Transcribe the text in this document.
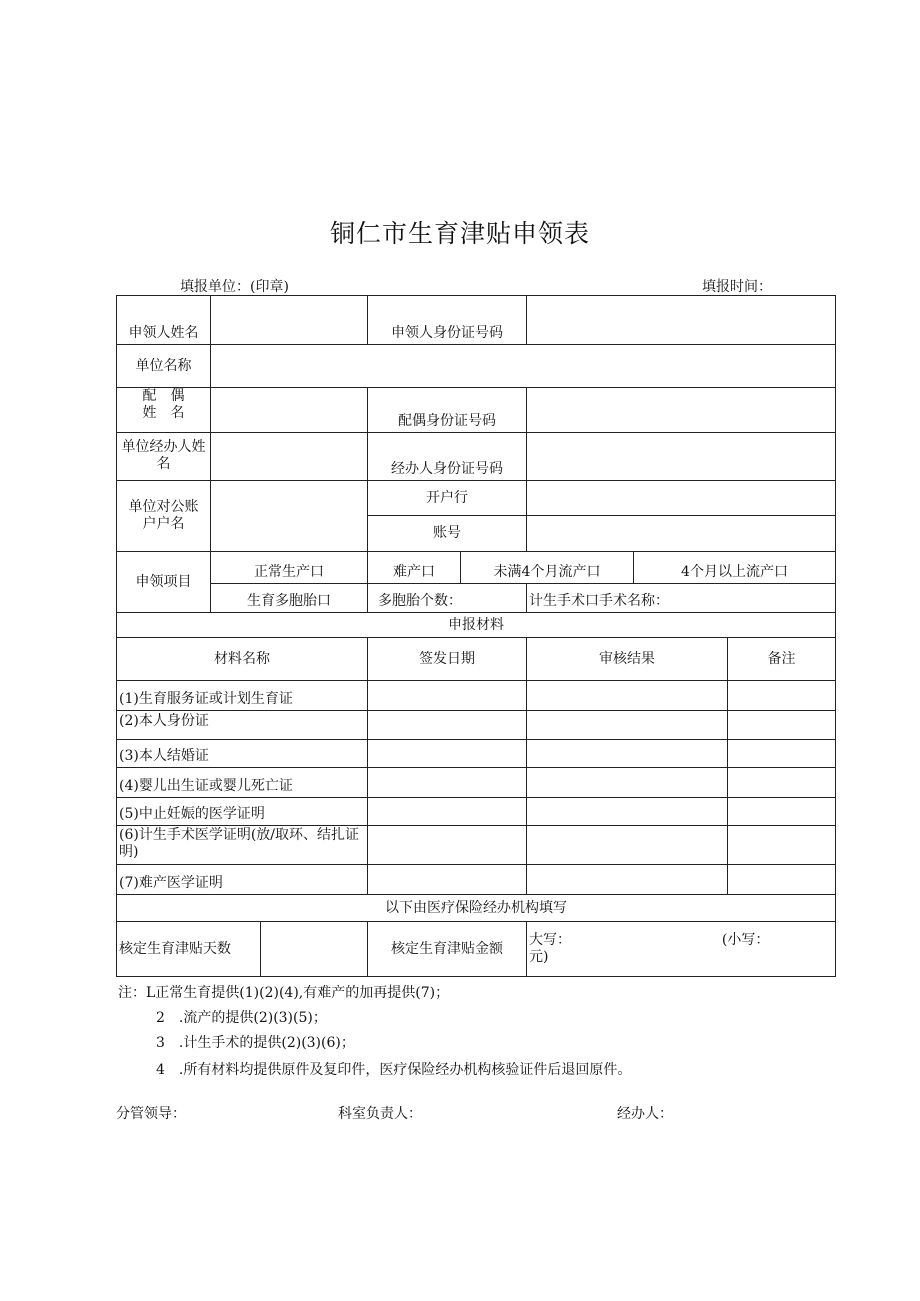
铜仁市生育津贴申领表
填报单位：(印章)	填报时间：
申领人姓名			申领人身份证号码				
单位名称							

配　偶
姓　名			配偶身份证号码				

单位经办人姓
名			经办人身份证号码				

单位对公账
户户名			开户行				
			账号				
申领项目	正常生产口		难产口	未满4个月流产口		4个月以上流产口	
	生育多胞胎口		多胞胎个数：		计生手术口手术名称：		
申报材料							
材料名称			签发日期		审核结果		备注
(1)生育服务证或计划生育证							
(2)本人身份证							
(3)本人结婚证							
(4)婴儿出生证或婴儿死亡证							
(5)中止妊娠的医学证明							
(6)计生手术医学证明(放/取环、结扎证明)							
(7)难产医学证明							
以下由医疗保险经办机构填写							
核定生育津贴天数			核定生育津贴金额		大写： (小写：  元)		
注：L正常生育提供(1)(2)(4),有难产的加再提供(7)；
2　.流产的提供(2)(3)(5)；
3　.计生手术的提供(2)(3)(6)；
4　.所有材料均提供原件及复印件，医疗保险经办机构核验证件后退回原件。
分管领导：	科室负责人：	经办人：
